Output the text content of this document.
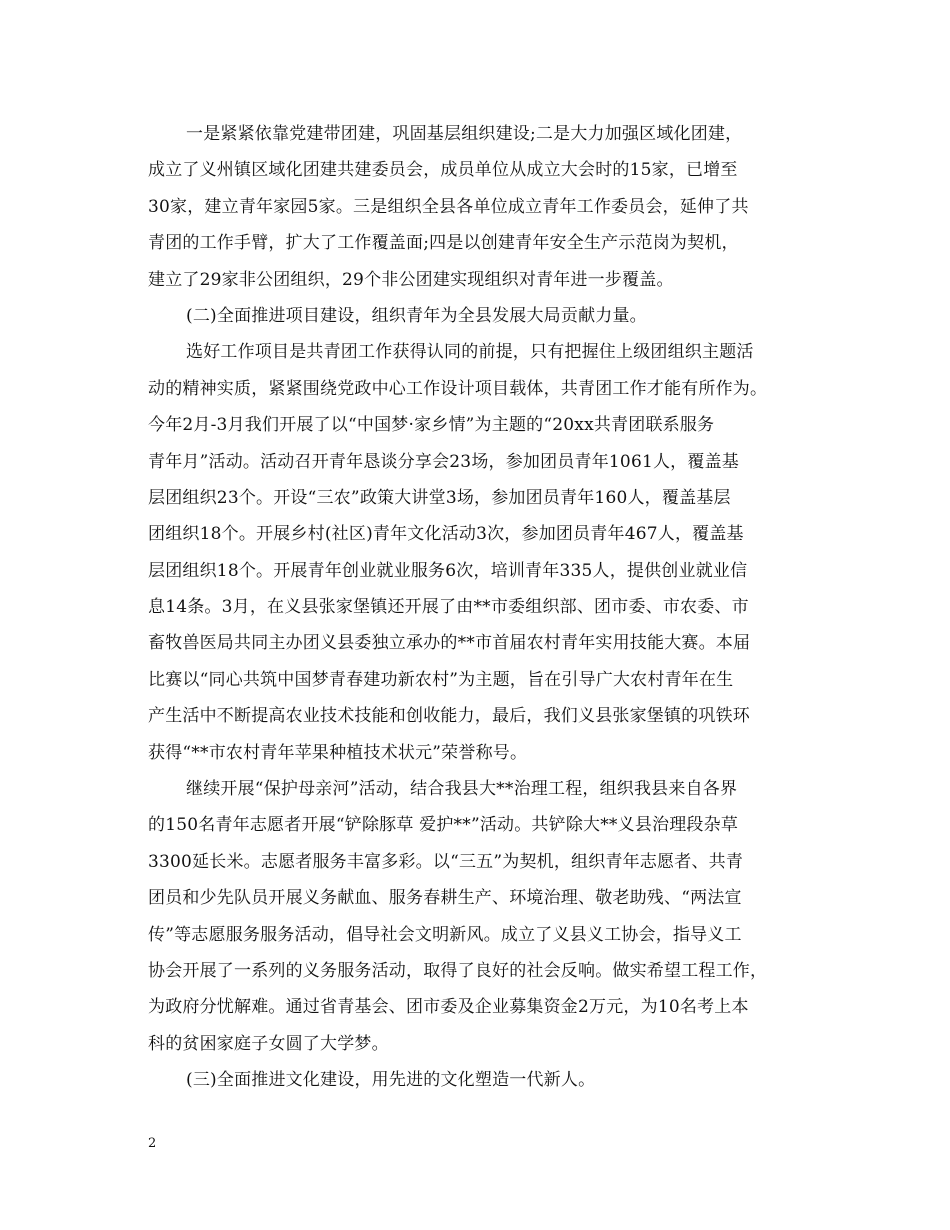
一是紧紧依靠党建带团建，巩固基层组织建设;二是大力加强区域化团建，
成立了义州镇区域化团建共建委员会，成员单位从成立大会时的15家，已增至
30家，建立青年家园5家。三是组织全县各单位成立青年工作委员会，延伸了共
青团的工作手臂，扩大了工作覆盖面;四是以创建青年安全生产示范岗为契机，
建立了29家非公团组织，29个非公团建实现组织对青年进一步覆盖。
(二)全面推进项目建设，组织青年为全县发展大局贡献力量。
选好工作项目是共青团工作获得认同的前提，只有把握住上级团组织主题活
动的精神实质，紧紧围绕党政中心工作设计项目载体，共青团工作才能有所作为。
今年2月-3月我们开展了以“中国梦·家乡情”为主题的“20xx共青团联系服务
青年月”活动。活动召开青年恳谈分享会23场，参加团员青年1061人，覆盖基
层团组织23个。开设“三农”政策大讲堂3场，参加团员青年160人，覆盖基层
团组织18个。开展乡村(社区)青年文化活动3次，参加团员青年467人，覆盖基
层团组织18个。开展青年创业就业服务6次，培训青年335人，提供创业就业信
息14条。3月，在义县张家堡镇还开展了由**市委组织部、团市委、市农委、市
畜牧兽医局共同主办团义县委独立承办的**市首届农村青年实用技能大赛。本届
比赛以“同心共筑中国梦青春建功新农村”为主题，旨在引导广大农村青年在生
产生活中不断提高农业技术技能和创收能力，最后，我们义县张家堡镇的巩铁环
获得“**市农村青年苹果种植技术状元”荣誉称号。
继续开展“保护母亲河”活动，结合我县大**治理工程，组织我县来自各界
的150名青年志愿者开展“铲除豚草 爱护**”活动。共铲除大**义县治理段杂草
3300延长米。志愿者服务丰富多彩。以“三五”为契机，组织青年志愿者、共青
团员和少先队员开展义务献血、服务春耕生产、环境治理、敬老助残、“两法宣
传”等志愿服务服务活动，倡导社会文明新风。成立了义县义工协会，指导义工
协会开展了一系列的义务服务活动，取得了良好的社会反响。做实希望工程工作，
为政府分忧解难。通过省青基会、团市委及企业募集资金2万元，为10名考上本
科的贫困家庭子女圆了大学梦。
(三)全面推进文化建设，用先进的文化塑造一代新人。
2
